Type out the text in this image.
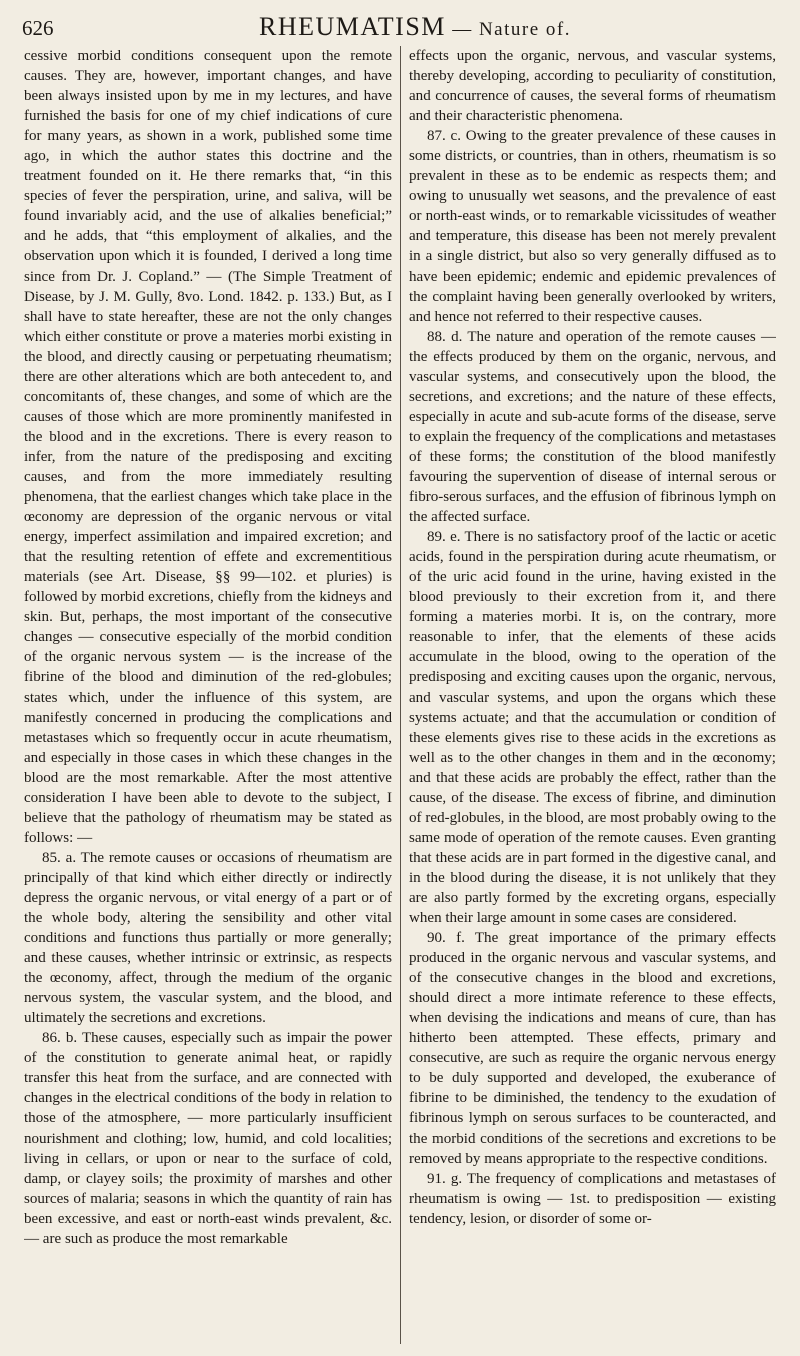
626	RHEUMATISM — Nature of.

cessive morbid conditions consequent upon the remote causes. They are, however, important changes, and have been always insisted upon by me in my lectures, and have furnished the basis for one of my chief indications of cure for many years, as shown in a work, published some time ago, in which the author states this doctrine and the treatment founded on it. He there remarks that, “in this species of fever the perspiration, urine, and saliva, will be found invariably acid, and the use of alkalies beneficial;” and he adds, that “this employment of alkalies, and the observation upon which it is founded, I derived a long time since from Dr. J. Copland.” — (The Simple Treatment of Disease, by J. M. Gully, 8vo. Lond. 1842. p. 133.) But, as I shall have to state hereafter, these are not the only changes which either constitute or prove a materies morbi existing in the blood, and directly causing or perpetuating rheumatism; there are other alterations which are both antecedent to, and concomitants of, these changes, and some of which are the causes of those which are more prominently manifested in the blood and in the excretions. There is every reason to infer, from the nature of the predisposing and exciting causes, and from the more immediately resulting phenomena, that the earliest changes which take place in the œconomy are depression of the organic nervous or vital energy, imperfect assimilation and impaired excretion; and that the resulting retention of effete and excrementitious materials (see Art. Disease, §§ 99—102. et pluries) is followed by morbid excretions, chiefly from the kidneys and skin. But, perhaps, the most important of the consecutive changes — consecutive especially of the morbid condition of the organic nervous system — is the increase of the fibrine of the blood and diminution of the red-globules; states which, under the influence of this system, are manifestly concerned in producing the complications and metastases which so frequently occur in acute rheumatism, and especially in those cases in which these changes in the blood are the most remarkable. After the most attentive consideration I have been able to devote to the subject, I believe that the pathology of rheumatism may be stated as follows: —

85. a. The remote causes or occasions of rheumatism are principally of that kind which either directly or indirectly depress the organic nervous, or vital energy of a part or of the whole body, altering the sensibility and other vital conditions and functions thus partially or more generally; and these causes, whether intrinsic or extrinsic, as respects the œconomy, affect, through the medium of the organic nervous system, the vascular system, and the blood, and ultimately the secretions and excretions.

86. b. These causes, especially such as impair the power of the constitution to generate animal heat, or rapidly transfer this heat from the surface, and are connected with changes in the electrical conditions of the body in relation to those of the atmosphere, — more particularly insufficient nourishment and clothing; low, humid, and cold localities; living in cellars, or upon or near to the surface of cold, damp, or clayey soils; the proximity of marshes and other sources of malaria; seasons in which the quantity of rain has been excessive, and east or north-east winds prevalent, &c. — are such as produce the most remarkable

effects upon the organic, nervous, and vascular systems, thereby developing, according to peculiarity of constitution, and concurrence of causes, the several forms of rheumatism and their characteristic phenomena.

87. c. Owing to the greater prevalence of these causes in some districts, or countries, than in others, rheumatism is so prevalent in these as to be endemic as respects them; and owing to unusually wet seasons, and the prevalence of east or north-east winds, or to remarkable vicissitudes of weather and temperature, this disease has been not merely prevalent in a single district, but also so very generally diffused as to have been epidemic; endemic and epidemic prevalences of the complaint having been generally overlooked by writers, and hence not referred to their respective causes.

88. d. The nature and operation of the remote causes — the effects produced by them on the organic, nervous, and vascular systems, and consecutively upon the blood, the secretions, and excretions; and the nature of these effects, especially in acute and sub-acute forms of the disease, serve to explain the frequency of the complications and metastases of these forms; the constitution of the blood manifestly favouring the supervention of disease of internal serous or fibro-serous surfaces, and the effusion of fibrinous lymph on the affected surface.

89. e. There is no satisfactory proof of the lactic or acetic acids, found in the perspiration during acute rheumatism, or of the uric acid found in the urine, having existed in the blood previously to their excretion from it, and there forming a materies morbi. It is, on the contrary, more reasonable to infer, that the elements of these acids accumulate in the blood, owing to the operation of the predisposing and exciting causes upon the organic, nervous, and vascular systems, and upon the organs which these systems actuate; and that the accumulation or condition of these elements gives rise to these acids in the excretions as well as to the other changes in them and in the œconomy; and that these acids are probably the effect, rather than the cause, of the disease. The excess of fibrine, and diminution of red-globules, in the blood, are most probably owing to the same mode of operation of the remote causes. Even granting that these acids are in part formed in the digestive canal, and in the blood during the disease, it is not unlikely that they are also partly formed by the excreting organs, especially when their large amount in some cases are considered.

90. f. The great importance of the primary effects produced in the organic nervous and vascular systems, and of the consecutive changes in the blood and excretions, should direct a more intimate reference to these effects, when devising the indications and means of cure, than has hitherto been attempted. These effects, primary and consecutive, are such as require the organic nervous energy to be duly supported and developed, the exuberance of fibrine to be diminished, the tendency to the exudation of fibrinous lymph on serous surfaces to be counteracted, and the morbid conditions of the secretions and excretions to be removed by means appropriate to the respective conditions.

91. g. The frequency of complications and metastases of rheumatism is owing — 1st. to predisposition — existing tendency, lesion, or disorder of some or-
